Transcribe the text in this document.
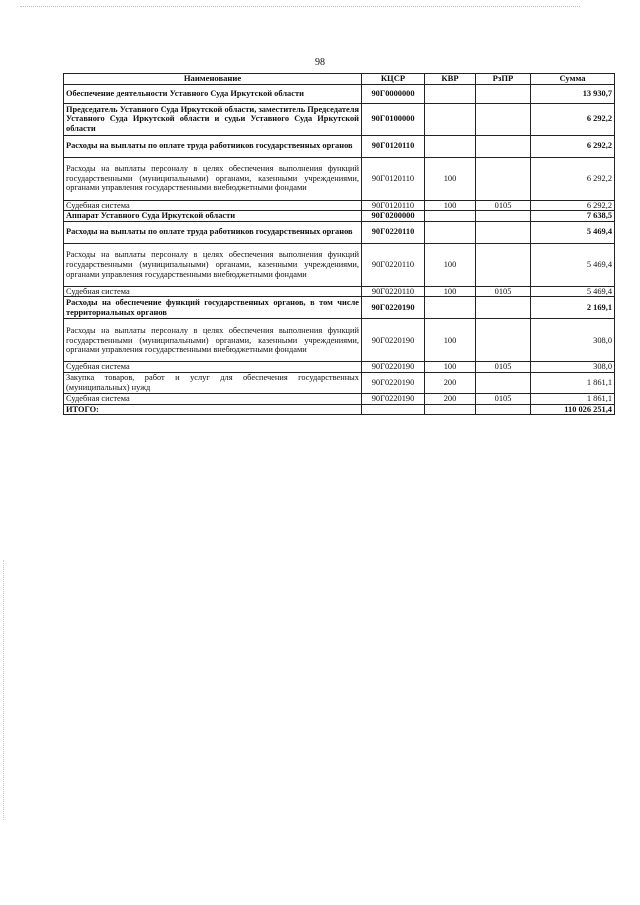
98
Наименование	КЦСР	КВР	РзПР	Сумма
Обеспечение деятельности Уставного Суда Иркутской области	90Г0000000			13 930,7
Председатель Уставного Суда Иркутской области, заместитель Председателя Уставного Суда Иркутской области и судьи Уставного Суда Иркутской области	90Г0100000			6 292,2
Расходы на выплаты по оплате труда работников государственных органов	90Г0120110			6 292,2
Расходы на выплаты персоналу в целях обеспечения выполнения функций государственными (муниципальными) органами, казенными учреждениями, органами управления государственными внебюджетными фондами	90Г0120110	100		6 292,2
Судебная система	90Г0120110	100	0105	6 292,2
Аппарат Уставного Суда Иркутской области	90Г0200000			7 638,5
Расходы на выплаты по оплате труда работников государственных органов	90Г0220110			5 469,4
Расходы на выплаты персоналу в целях обеспечения выполнения функций государственными (муниципальными) органами, казенными учреждениями, органами управления государственными внебюджетными фондами	90Г0220110	100		5 469,4
Судебная система	90Г0220110	100	0105	5 469,4
Расходы на обеспечение функций государственных органов, в том числе территориальных органов	90Г0220190			2 169,1
Расходы на выплаты персоналу в целях обеспечения выполнения функций государственными (муниципальными) органами, казенными учреждениями, органами управления государственными внебюджетными фондами	90Г0220190	100		308,0
Судебная система	90Г0220190	100	0105	308,0
Закупка товаров, работ и услуг для обеспечения государственных (муниципальных) нужд	90Г0220190	200		1 861,1
Судебная система	90Г0220190	200	0105	1 861,1
ИТОГО:				110 026 251,4
